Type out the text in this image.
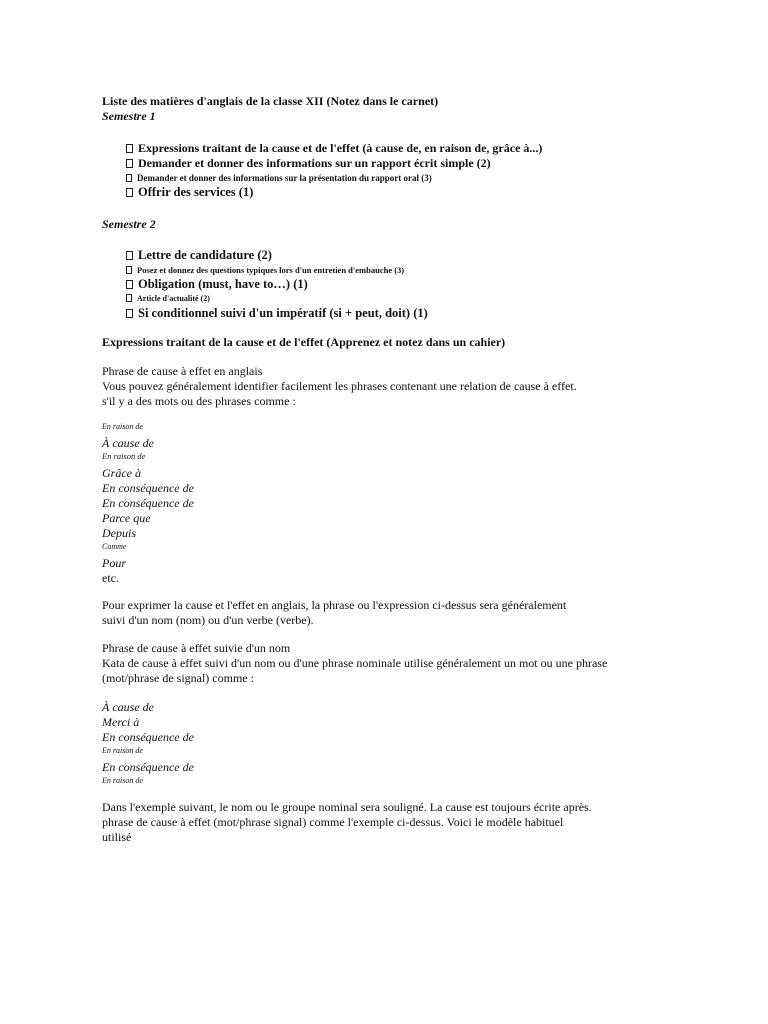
Liste des matières d'anglais de la classe XII (Notez dans le carnet)
Semestre 1
Expressions traitant de la cause et de l'effet (à cause de, en raison de, grâce à...)
Demander et donner des informations sur un rapport écrit simple (2)
Demander et donner des informations sur la présentation du rapport oral (3)
Offrir des services (1)
Semestre 2
Lettre de candidature (2)
Posez et donnez des questions typiques lors d'un entretien d'embauche (3)
Obligation (must, have to…) (1)
Article d'actualité (2)
Si conditionnel suivi d'un impératif (si + peut, doit) (1)
Expressions traitant de la cause et de l'effet (Apprenez et notez dans un cahier)
Phrase de cause à effet en anglais
Vous pouvez généralement identifier facilement les phrases contenant une relation de cause à effet.
s'il y a des mots ou des phrases comme :
En raison de
À cause de
En raison de
Grâce à
En conséquence de
En conséquence de
Parce que
Depuis
Comme
Pour
etc.
Pour exprimer la cause et l'effet en anglais, la phrase ou l'expression ci-dessus sera généralement
suivi d'un nom (nom) ou d'un verbe (verbe).
Phrase de cause à effet suivie d'un nom
Kata de cause à effet suivi d'un nom ou d'une phrase nominale utilise généralement un mot ou une phrase
(mot/phrase de signal) comme :
À cause de
Merci à
En conséquence de
En raison de
En conséquence de
En raison de
Dans l'exemple suivant, le nom ou le groupe nominal sera souligné. La cause est toujours écrite après.
phrase de cause à effet (mot/phrase signal) comme l'exemple ci-dessus. Voici le modèle habituel
utilisé
